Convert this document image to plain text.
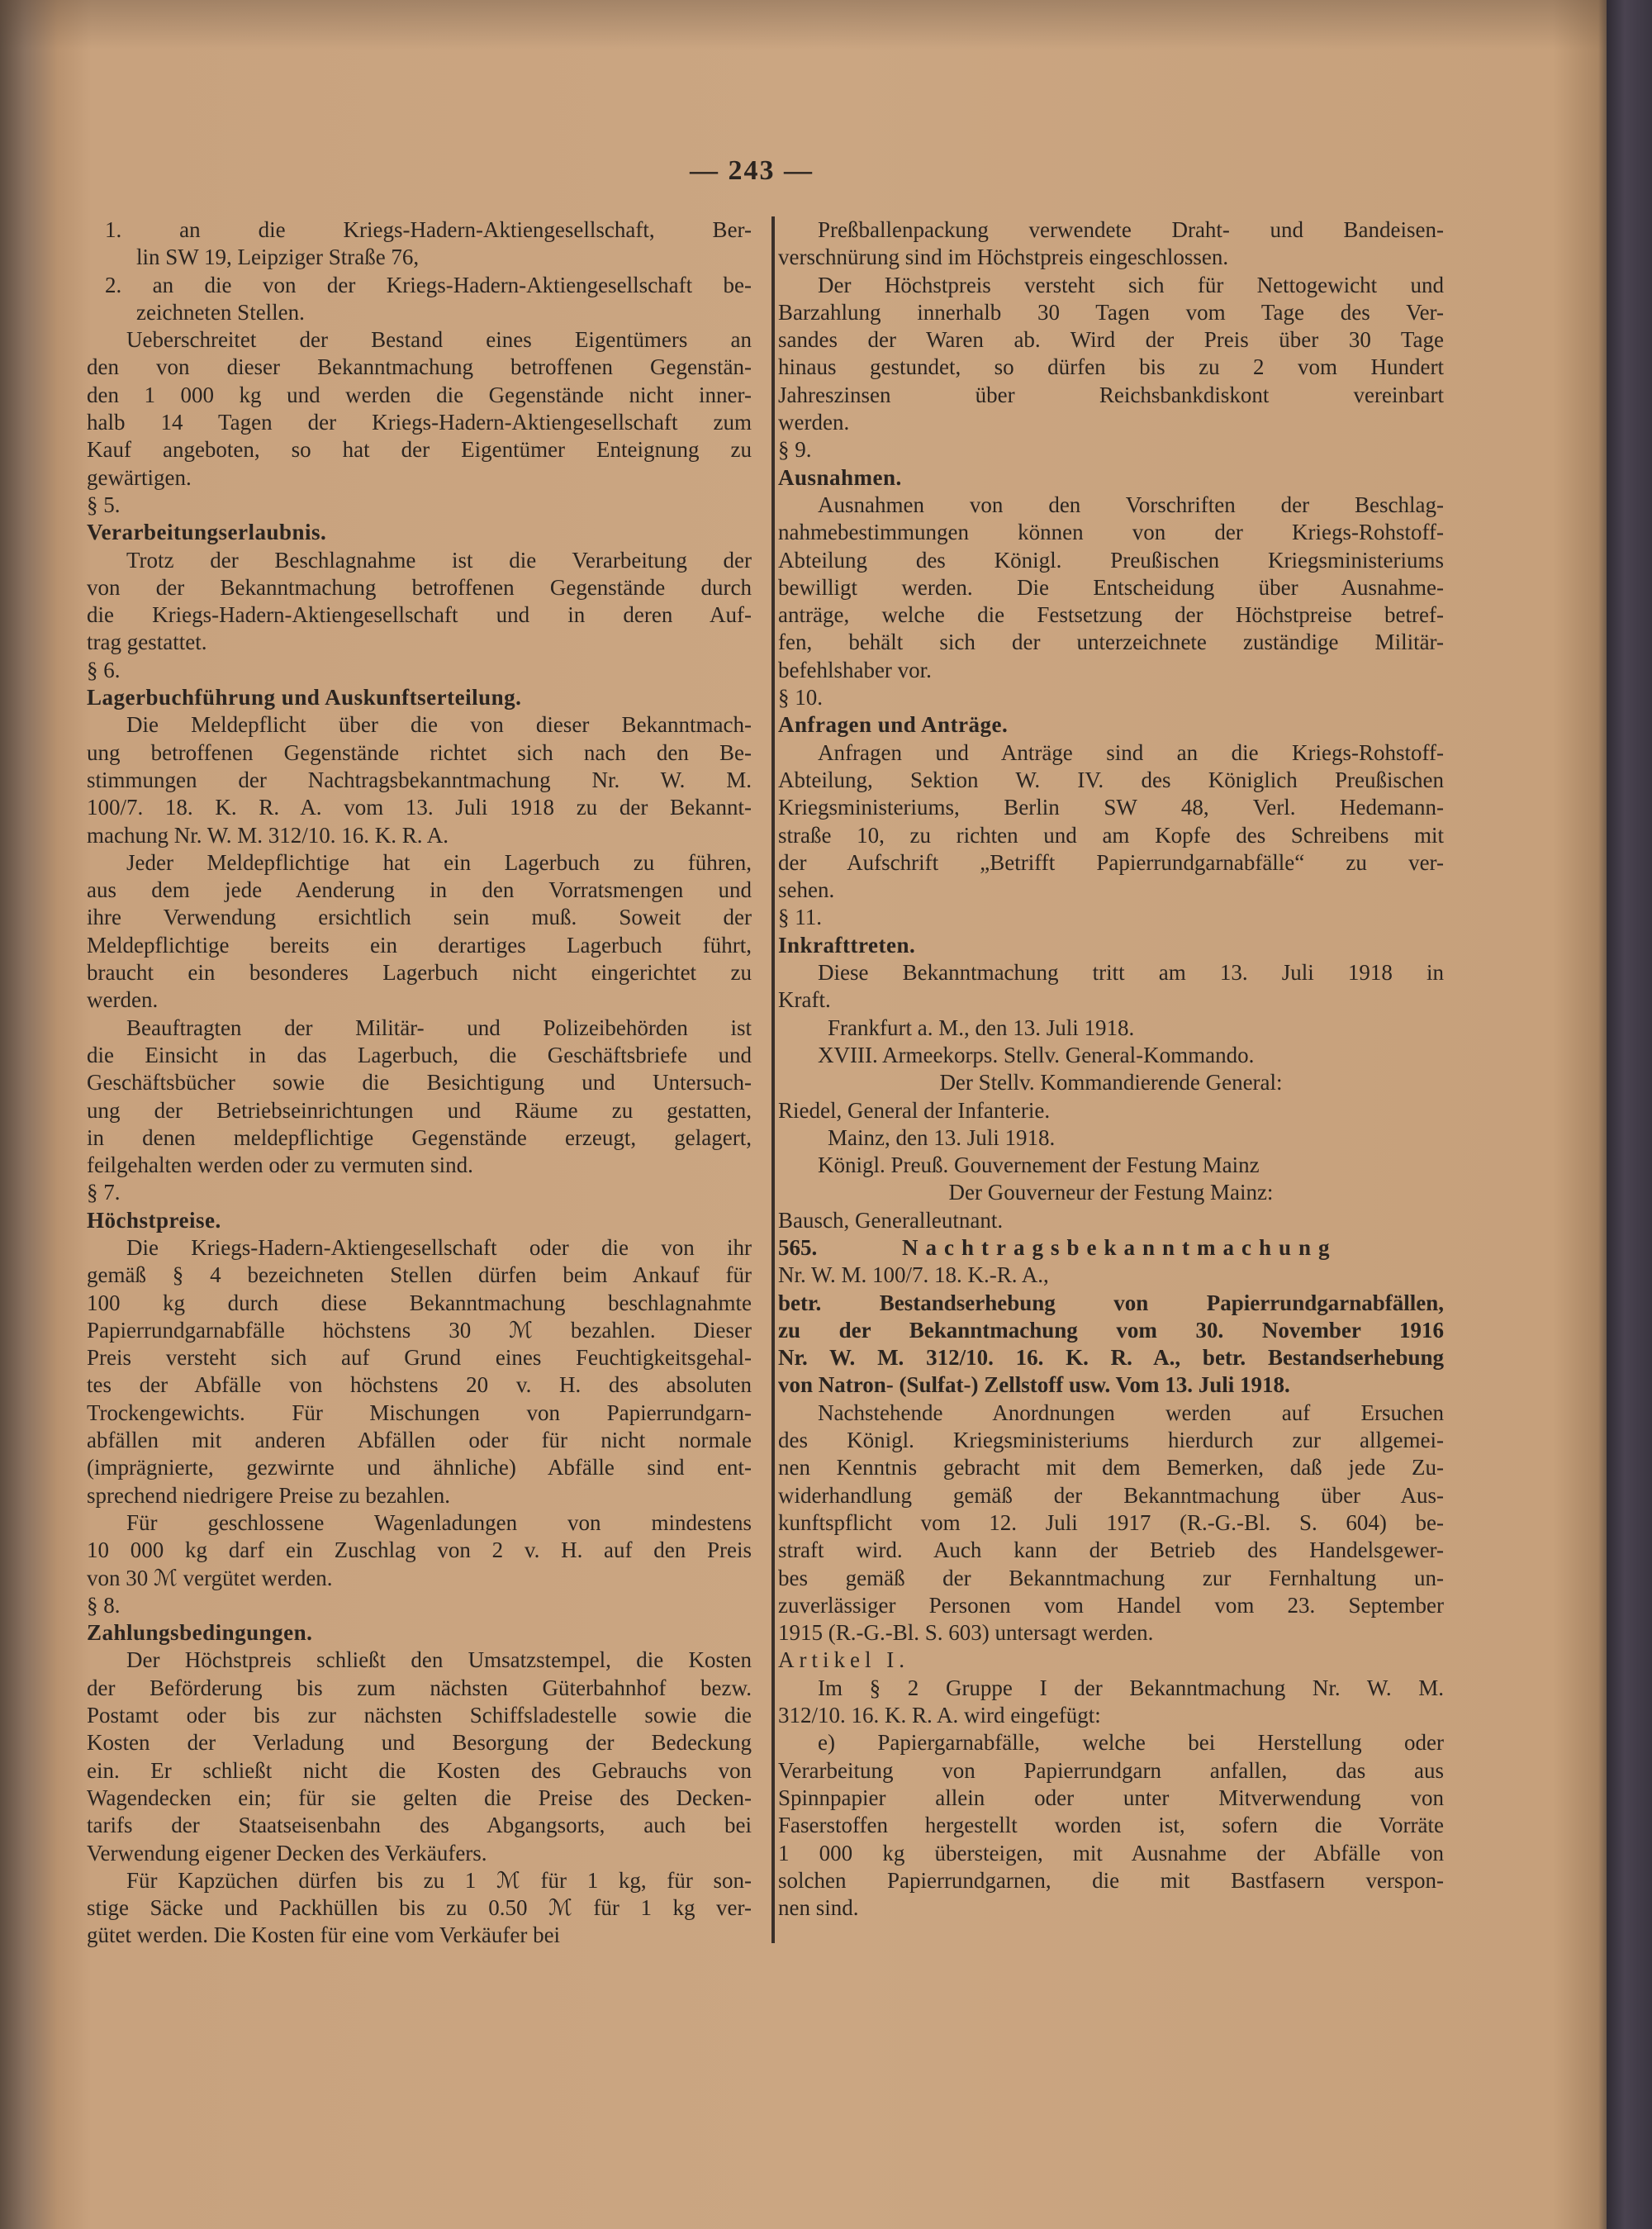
— 243 —
1. an die Kriegs-Hadern-Aktiengesellschaft, Ber-
lin SW 19, Leipziger Straße 76,
2. an die von der Kriegs-Hadern-Aktiengesellschaft be-
zeichneten Stellen.
Ueberschreitet der Bestand eines Eigentümers an
den von dieser Bekanntmachung betroffenen Gegenstän-
den 1 000 kg und werden die Gegenstände nicht inner-
halb 14 Tagen der Kriegs-Hadern-Aktiengesellschaft zum
Kauf angeboten, so hat der Eigentümer Enteignung zu
gewärtigen.
§ 5.
Verarbeitungserlaubnis.
Trotz der Beschlagnahme ist die Verarbeitung der
von der Bekanntmachung betroffenen Gegenstände durch
die Kriegs-Hadern-Aktiengesellschaft und in deren Auf-
trag gestattet.
§ 6.
Lagerbuchführung und Auskunftserteilung.
Die Meldepflicht über die von dieser Bekanntmach-
ung betroffenen Gegenstände richtet sich nach den Be-
stimmungen der Nachtragsbekanntmachung Nr. W. M.
100/7. 18. K. R. A. vom 13. Juli 1918 zu der Bekannt-
machung Nr. W. M. 312/10. 16. K. R. A.
Jeder Meldepflichtige hat ein Lagerbuch zu führen,
aus dem jede Aenderung in den Vorratsmengen und
ihre Verwendung ersichtlich sein muß. Soweit der
Meldepflichtige bereits ein derartiges Lagerbuch führt,
braucht ein besonderes Lagerbuch nicht eingerichtet zu
werden.
Beauftragten der Militär- und Polizeibehörden ist
die Einsicht in das Lagerbuch, die Geschäftsbriefe und
Geschäftsbücher sowie die Besichtigung und Untersuch-
ung der Betriebseinrichtungen und Räume zu gestatten,
in denen meldepflichtige Gegenstände erzeugt, gelagert,
feilgehalten werden oder zu vermuten sind.
§ 7.
Höchstpreise.
Die Kriegs-Hadern-Aktiengesellschaft oder die von ihr
gemäß § 4 bezeichneten Stellen dürfen beim Ankauf für
100 kg durch diese Bekanntmachung beschlagnahmte
Papierrundgarnabfälle höchstens 30 ℳ bezahlen. Dieser
Preis versteht sich auf Grund eines Feuchtigkeitsgehal-
tes der Abfälle von höchstens 20 v. H. des absoluten
Trockengewichts. Für Mischungen von Papierrundgarn-
abfällen mit anderen Abfällen oder für nicht normale
(imprägnierte, gezwirnte und ähnliche) Abfälle sind ent-
sprechend niedrigere Preise zu bezahlen.
Für geschlossene Wagenladungen von mindestens
10 000 kg darf ein Zuschlag von 2 v. H. auf den Preis
von 30 ℳ vergütet werden.
§ 8.
Zahlungsbedingungen.
Der Höchstpreis schließt den Umsatzstempel, die Kosten
der Beförderung bis zum nächsten Güterbahnhof bezw.
Postamt oder bis zur nächsten Schiffsladestelle sowie die
Kosten der Verladung und Besorgung der Bedeckung
ein. Er schließt nicht die Kosten des Gebrauchs von
Wagendecken ein; für sie gelten die Preise des Decken-
tarifs der Staatseisenbahn des Abgangsorts, auch bei
Verwendung eigener Decken des Verkäufers.
Für Kapzüchen dürfen bis zu 1 ℳ für 1 kg, für son-
stige Säcke und Packhüllen bis zu 0.50 ℳ für 1 kg ver-
gütet werden. Die Kosten für eine vom Verkäufer bei
Preßballenpackung verwendete Draht- und Bandeisen-
verschnürung sind im Höchstpreis eingeschlossen.
Der Höchstpreis versteht sich für Nettogewicht und
Barzahlung innerhalb 30 Tagen vom Tage des Ver-
sandes der Waren ab. Wird der Preis über 30 Tage
hinaus gestundet, so dürfen bis zu 2 vom Hundert
Jahreszinsen über Reichsbankdiskont vereinbart
werden.
§ 9.
Ausnahmen.
Ausnahmen von den Vorschriften der Beschlag-
nahmebestimmungen können von der Kriegs-Rohstoff-
Abteilung des Königl. Preußischen Kriegsministeriums
bewilligt werden. Die Entscheidung über Ausnahme-
anträge, welche die Festsetzung der Höchstpreise betref-
fen, behält sich der unterzeichnete zuständige Militär-
befehlshaber vor.
§ 10.
Anfragen und Anträge.
Anfragen und Anträge sind an die Kriegs-Rohstoff-
Abteilung, Sektion W. IV. des Königlich Preußischen
Kriegsministeriums, Berlin SW 48, Verl. Hedemann-
straße 10, zu richten und am Kopfe des Schreibens mit
der Aufschrift „Betrifft Papierrundgarnabfälle“ zu ver-
sehen.
§ 11.
Inkrafttreten.
Diese Bekanntmachung tritt am 13. Juli 1918 in
Kraft.
Frankfurt a. M., den 13. Juli 1918.
XVIII. Armeekorps. Stellv. General-Kommando.
Der Stellv. Kommandierende General:
Riedel, General der Infanterie.
Mainz, den 13. Juli 1918.
Königl. Preuß. Gouvernement der Festung Mainz
Der Gouverneur der Festung Mainz:
Bausch, Generalleutnant.
565.	Nachtragsbekanntmachung
Nr. W. M. 100/7. 18. K.-R. A.,
betr. Bestandserhebung von Papierrundgarnabfällen,
zu der Bekanntmachung vom 30. November 1916
Nr. W. M. 312/10. 16. K. R. A., betr. Bestandserhebung
von Natron- (Sulfat-) Zellstoff usw. Vom 13. Juli 1918.
Nachstehende Anordnungen werden auf Ersuchen
des Königl. Kriegsministeriums hierdurch zur allgemei-
nen Kenntnis gebracht mit dem Bemerken, daß jede Zu-
widerhandlung gemäß der Bekanntmachung über Aus-
kunftspflicht vom 12. Juli 1917 (R.-G.-Bl. S. 604) be-
straft wird. Auch kann der Betrieb des Handelsgewer-
bes gemäß der Bekanntmachung zur Fernhaltung un-
zuverlässiger Personen vom Handel vom 23. September
1915 (R.-G.-Bl. S. 603) untersagt werden.
Artikel I.
Im § 2 Gruppe I der Bekanntmachung Nr. W. M.
312/10. 16. K. R. A. wird eingefügt:
e) Papiergarnabfälle, welche bei Herstellung oder
Verarbeitung von Papierrundgarn anfallen, das aus
Spinnpapier allein oder unter Mitverwendung von
Faserstoffen hergestellt worden ist, sofern die Vorräte
1 000 kg übersteigen, mit Ausnahme der Abfälle von
solchen Papierrundgarnen, die mit Bastfasern verspon-
nen sind.
